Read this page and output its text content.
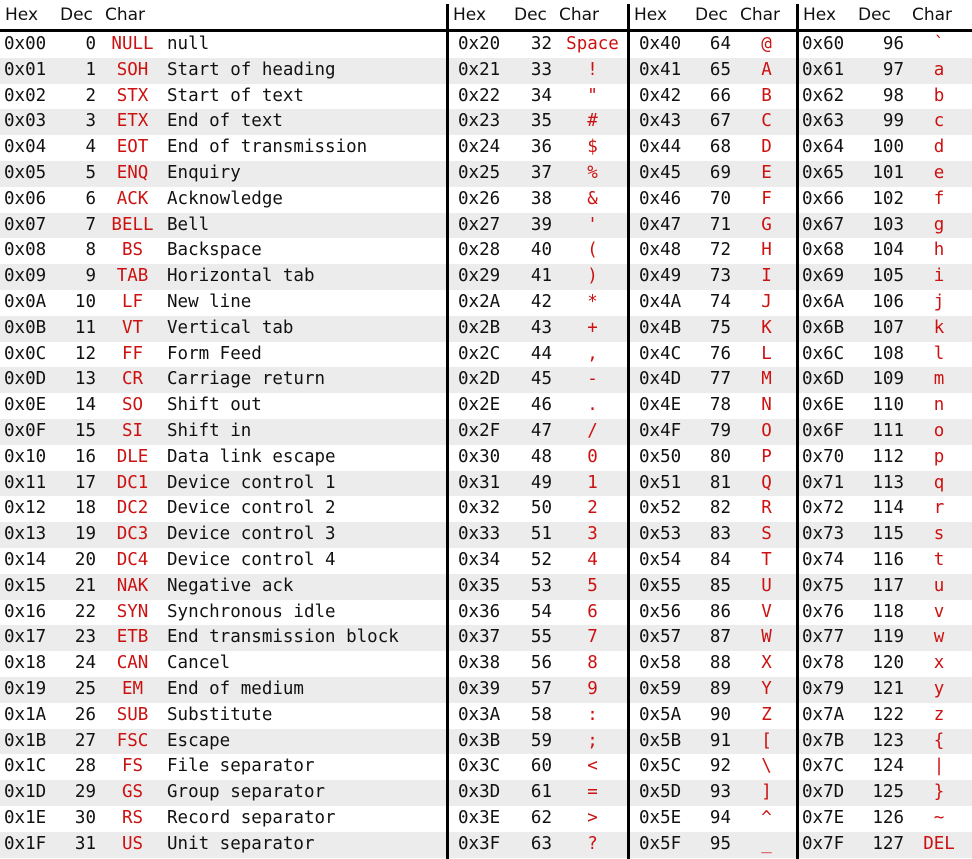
Hex Dec Char	Hex Dec Char Hex Dec Char Hex Dec Char
0x00 0 NULL null	0x20 32 Space	0x40 64	@	0x60 96	`
0x01 1	SOH	Start of heading	0x21 33	!	0x41 65	A	0x61 97	a
0x02 2	STX	Start of text	0x22 34	"	0x42 66	B	0x62 98	b
0x03 3	ETX	End of text	0x23 35	#	0x43 67	C	0x63 99	c
0x04 4	EOT	End of transmission	0x24 36	$	0x44 68	D	0x64 100	d
0x05 5	ENQ	Enquiry	0x25 37	%	0x45 69	E	0x65 101	e
0x06 6	ACK	Acknowledge	0x26 38	&	0x46 70	F	0x66 102	f
0x07 7 BELL Bell	0x27 39	'	0x47 71	G	0x67 103	g
0x08 8	BS	Backspace	0x28 40	(	0x48 72	H	0x68 104	h
0x09 9	TAB	Horizontal tab	0x29 41	)	0x49 73	I	0x69 105	i
0x0A 10	LF	New line	0x2A 42	*	0x4A 74	J	0x6A 106	j
0x0B 11	VT	Vertical tab	0x2B 43	+	0x4B 75	K	0x6B 107	k
0x0C 12	FF	Form Feed	0x2C 44	,	0x4C 76	L	0x6C 108	l
0x0D 13	CR	Carriage return	0x2D 45	-	0x4D 77	M	0x6D 109	m
0x0E 14	SO	Shift out	0x2E 46	.	0x4E 78	N	0x6E 110	n
0x0F 15	SI	Shift in	0x2F 47	/	0x4F 79	O	0x6F 111	o
0x10 16	DLE	Data link escape	0x30 48	0	0x50 80	P	0x70 112	p
0x11 17	DC1	Device control 1	0x31 49	1	0x51 81	Q	0x71 113	q
0x12 18	DC2	Device control 2	0x32 50	2	0x52 82	R	0x72 114	r
0x13 19	DC3	Device control 3	0x33 51	3	0x53 83	S	0x73 115	s
0x14 20	DC4	Device control 4	0x34 52	4	0x54 84	T	0x74 116	t
0x15 21	NAK	Negative ack	0x35 53	5	0x55 85	U	0x75 117	u
0x16 22	SYN	Synchronous idle	0x36 54	6	0x56 86	V	0x76 118	v
0x17 23	ETB	End transmission block	0x37 55	7	0x57 87	W	0x77 119	w
0x18 24	CAN	Cancel	0x38 56	8	0x58 88	X	0x78 120	x
0x19 25	EM	End of medium	0x39 57	9	0x59 89	Y	0x79 121	y
0x1A 26	SUB	Substitute	0x3A 58	:	0x5A 90	Z	0x7A 122	z
0x1B 27	FSC	Escape	0x3B 59	;	0x5B 91	[	0x7B 123	{
0x1C 28	FS	File separator	0x3C 60	<	0x5C 92	\	0x7C 124	|
0x1D 29	GS	Group separator	0x3D 61	=	0x5D 93	]	0x7D 125	}
0x1E 30	RS	Record separator	0x3E 62	>	0x5E 94	^	0x7E 126	~
0x1F 31	US	Unit separator	0x3F 63	?	0x5F 95	_	0x7F 127	DEL
